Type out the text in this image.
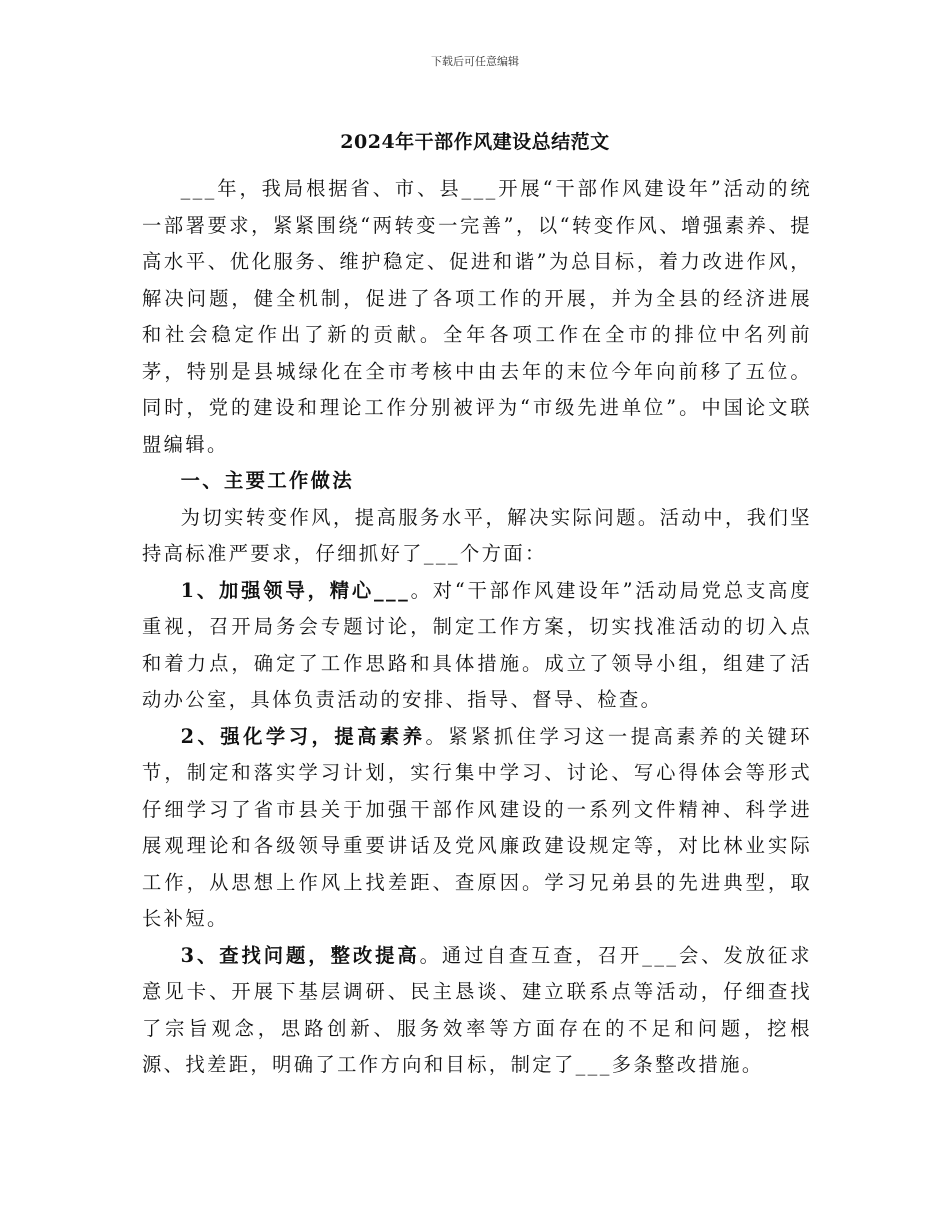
下载后可任意编辑
2024年干部作风建设总结范文

___年，我局根据省、市、县___开展“干部作风建设年”活动的统一部署要求，紧紧围绕“两转变一完善”，以“转变作风、增强素养、提高水平、优化服务、维护稳定、促进和谐”为总目标，着力改进作风，解决问题，健全机制，促进了各项工作的开展，并为全县的经济进展和社会稳定作出了新的贡献。全年各项工作在全市的排位中名列前茅，特别是县城绿化在全市考核中由去年的末位今年向前移了五位。同时，党的建设和理论工作分别被评为“市级先进单位”。中国论文联盟编辑。

一、主要工作做法

为切实转变作风，提高服务水平，解决实际问题。活动中，我们坚持高标准严要求，仔细抓好了___个方面：

1、加强领导，精心___。对“干部作风建设年”活动局党总支高度重视，召开局务会专题讨论，制定工作方案，切实找准活动的切入点和着力点，确定了工作思路和具体措施。成立了领导小组，组建了活动办公室，具体负责活动的安排、指导、督导、检查。

2、强化学习，提高素养。紧紧抓住学习这一提高素养的关键环节，制定和落实学习计划，实行集中学习、讨论、写心得体会等形式仔细学习了省市县关于加强干部作风建设的一系列文件精神、科学进展观理论和各级领导重要讲话及党风廉政建设规定等，对比林业实际工作，从思想上作风上找差距、查原因。学习兄弟县的先进典型，取长补短。

3、查找问题，整改提高。通过自查互查，召开___会、发放征求意见卡、开展下基层调研、民主恳谈、建立联系点等活动，仔细查找了宗旨观念，思路创新、服务效率等方面存在的不足和问题，挖根源、找差距，明确了工作方向和目标，制定了___多条整改措施。
